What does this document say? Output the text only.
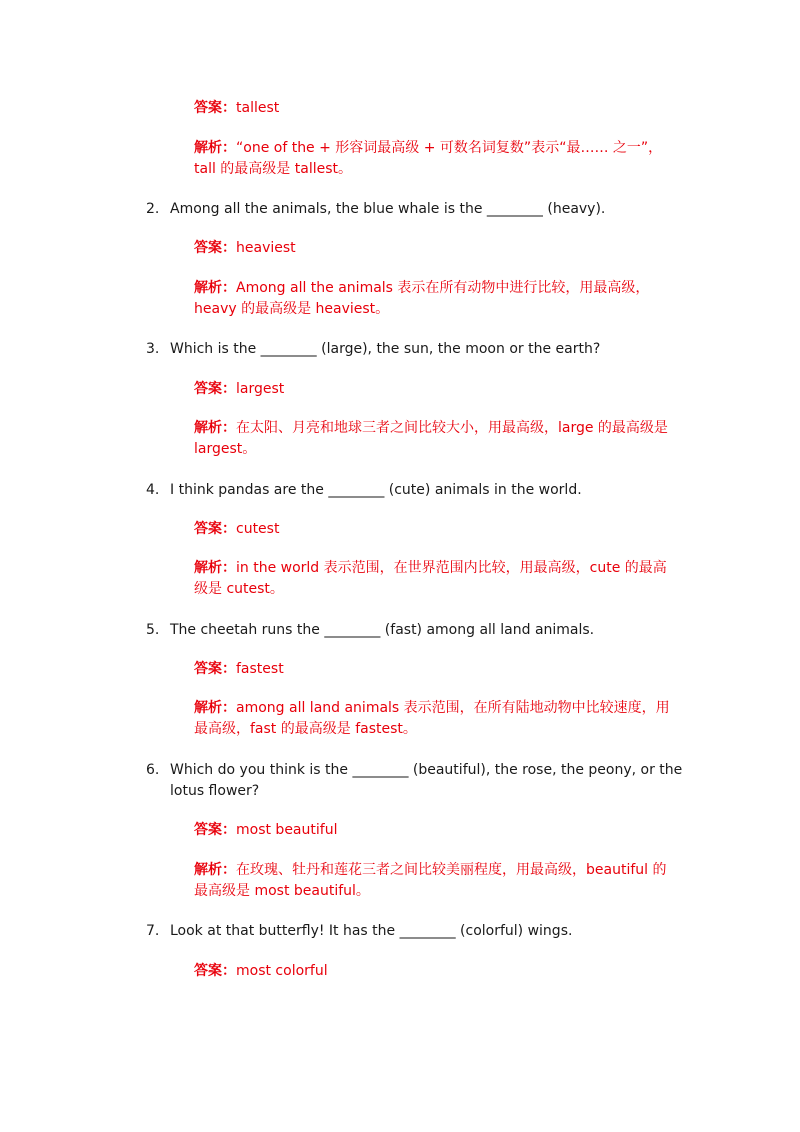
答案：tallest
解析：“one of the + 形容词最高级 + 可数名词复数”表示“最…… 之一”， tall 的最高级是 tallest。
2. Among all the animals, the blue whale is the ________ (heavy).
答案：heaviest
解析：Among all the animals 表示在所有动物中进行比较，用最高级，heavy 的最高级是 heaviest。
3. Which is the ________ (large), the sun, the moon or the earth?
答案：largest
解析：在太阳、月亮和地球三者之间比较大小，用最高级，large 的最高级是 largest。
4. I think pandas are the ________ (cute) animals in the world.
答案：cutest
解析：in the world 表示范围，在世界范围内比较，用最高级，cute 的最高级是 cutest。
5. The cheetah runs the ________ (fast) among all land animals.
答案：fastest
解析：among all land animals 表示范围，在所有陆地动物中比较速度，用最高级，fast 的最高级是 fastest。
6. Which do you think is the ________ (beautiful), the rose, the peony, or the lotus flower?
答案：most beautiful
解析：在玫瑰、牡丹和莲花三者之间比较美丽程度，用最高级，beautiful 的最高级是 most beautiful。
7. Look at that butterfly! It has the ________ (colorful) wings.
答案：most colorful
